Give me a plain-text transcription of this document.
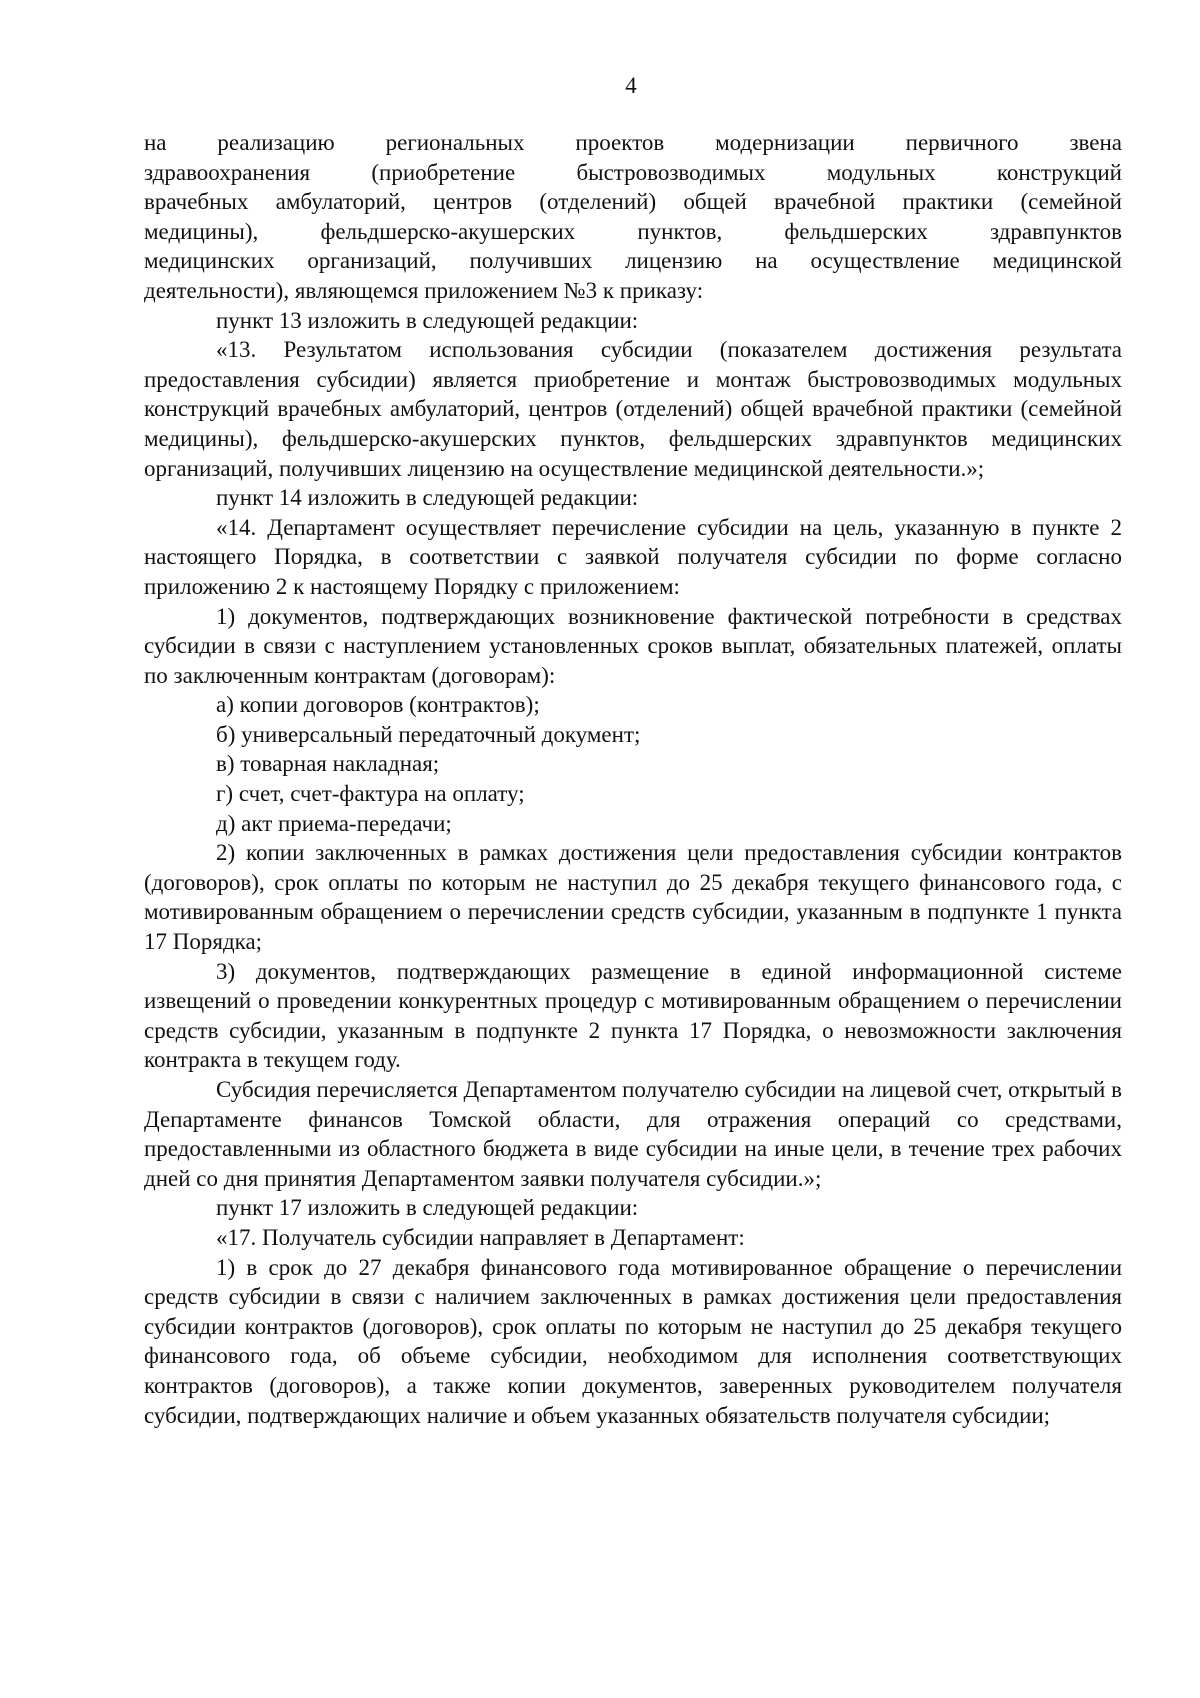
4
на реализацию региональных проектов модернизации первичного звена
здравоохранения (приобретение быстровозводимых модульных конструкций
врачебных амбулаторий, центров (отделений) общей врачебной практики (семейной
медицины), фельдшерско-акушерских пунктов, фельдшерских здравпунктов
медицинских организаций, получивших лицензию на осуществление медицинской
деятельности), являющемся приложением №3 к приказу:

пункт 13 изложить в следующей редакции:

«13. Результатом использования субсидии (показателем достижения результата предоставления субсидии) является приобретение и монтаж быстровозводимых модульных конструкций врачебных амбулаторий, центров (отделений) общей врачебной практики (семейной медицины), фельдшерско-акушерских пунктов, фельдшерских здравпунктов медицинских организаций, получивших лицензию на осуществление медицинской деятельности.»;

пункт 14 изложить в следующей редакции:

«14. Департамент осуществляет перечисление субсидии на цель, указанную в пункте 2 настоящего Порядка, в соответствии с заявкой получателя субсидии по форме согласно приложению 2 к настоящему Порядку с приложением:

1) документов, подтверждающих возникновение фактической потребности в средствах субсидии в связи с наступлением установленных сроков выплат, обязательных платежей, оплаты по заключенным контрактам (договорам):

а) копии договоров (контрактов);

б) универсальный передаточный документ;

в) товарная накладная;

г) счет, счет-фактура на оплату;

д) акт приема-передачи;

2) копии заключенных в рамках достижения цели предоставления субсидии контрактов (договоров), срок оплаты по которым не наступил до 25 декабря текущего финансового года, с мотивированным обращением о перечислении средств субсидии, указанным в подпункте 1 пункта 17 Порядка;

3) документов, подтверждающих размещение в единой информационной системе извещений о проведении конкурентных процедур с мотивированным обращением о перечислении средств субсидии, указанным в подпункте 2 пункта 17 Порядка, о невозможности заключения контракта в текущем году.

Субсидия перечисляется Департаментом получателю субсидии на лицевой счет, открытый в Департаменте финансов Томской области, для отражения операций со средствами, предоставленными из областного бюджета в виде субсидии на иные цели, в течение трех рабочих дней со дня принятия Департаментом заявки получателя субсидии.»;

пункт 17 изложить в следующей редакции:

«17. Получатель субсидии направляет в Департамент:

1) в срок до 27 декабря финансового года мотивированное обращение о перечислении средств субсидии в связи с наличием заключенных в рамках достижения цели предоставления субсидии контрактов (договоров), срок оплаты по которым не наступил до 25 декабря текущего финансового года, об объеме субсидии, необходимом для исполнения соответствующих контрактов (договоров), а также копии документов, заверенных руководителем получателя субсидии, подтверждающих наличие и объем указанных обязательств получателя субсидии;
